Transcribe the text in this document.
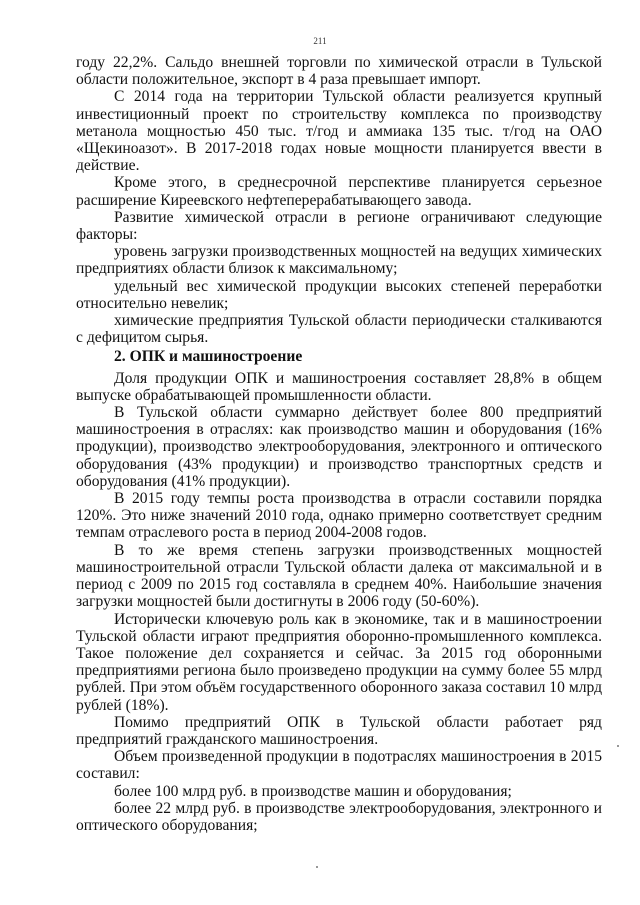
211

году 22,2%. Сальдо внешней торговли по химической отрасли в Тульской области положительное, экспорт в 4 раза превышает импорт.

С 2014 года на территории Тульской области реализуется крупный инвестиционный проект по строительству комплекса по производству метанола мощностью 450 тыс. т/год и аммиака 135 тыс. т/год на ОАО «Щекиноазот». В 2017-2018 годах новые мощности планируется ввести в действие.

Кроме этого, в среднесрочной перспективе планируется серьезное расширение Киреевского нефтеперерабатывающего завода.

Развитие химической отрасли в регионе ограничивают следующие факторы:

уровень загрузки производственных мощностей на ведущих химических предприятиях области близок к максимальному;

удельный вес химической продукции высоких степеней переработки относительно невелик;

химические предприятия Тульской области периодически сталкиваются с дефицитом сырья.

2. ОПК и машиностроение

Доля продукции ОПК и машиностроения составляет 28,8% в общем выпуске обрабатывающей промышленности области.

В Тульской области суммарно действует более 800 предприятий машиностроения в отраслях: как производство машин и оборудования (16% продукции), производство электрооборудования, электронного и оптического оборудования (43% продукции) и производство транспортных средств и оборудования (41% продукции).

В 2015 году темпы роста производства в отрасли составили порядка 120%. Это ниже значений 2010 года, однако примерно соответствует средним темпам отраслевого роста в период 2004-2008 годов.

В то же время степень загрузки производственных мощностей машиностроительной отрасли Тульской области далека от максимальной и в период с 2009 по 2015 год составляла в среднем 40%. Наибольшие значения загрузки мощностей были достигнуты в 2006 году (50-60%).

Исторически ключевую роль как в экономике, так и в машиностроении Тульской области играют предприятия оборонно-промышленного комплекса. Такое положение дел сохраняется и сейчас. За 2015 год оборонными предприятиями региона было произведено продукции на сумму более 55 млрд рублей. При этом объём государственного оборонного заказа составил 10 млрд рублей (18%).

Помимо предприятий ОПК в Тульской области работает ряд предприятий гражданского машиностроения.

Объем произведенной продукции в подотраслях машиностроения в 2015 составил:

более 100 млрд руб. в производстве машин и оборудования;

более 22 млрд руб. в производстве электрооборудования, электронного и оптического оборудования;
